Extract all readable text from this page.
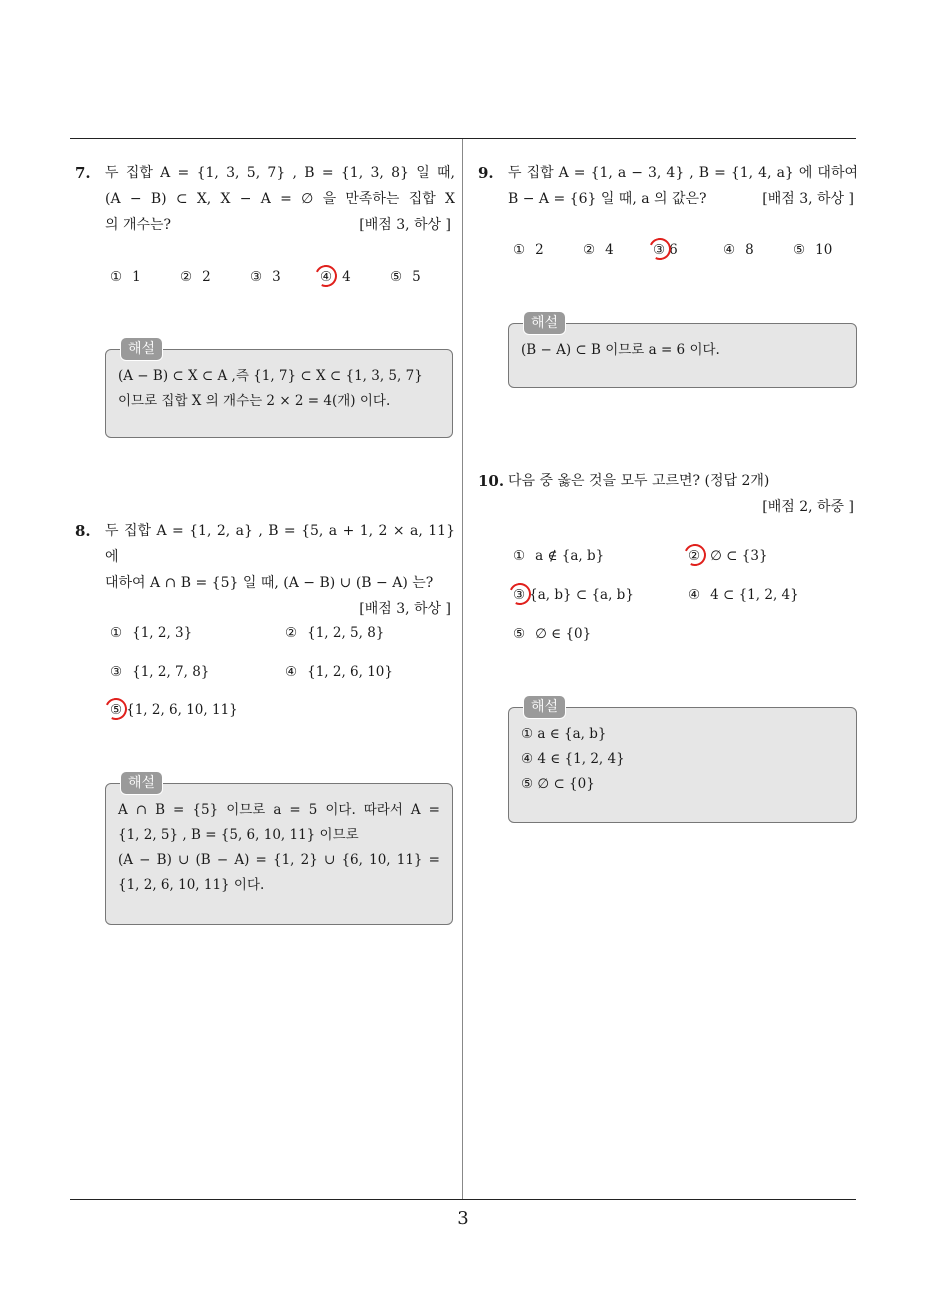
3
7. 두 집합 A = {1, 3, 5, 7} , B = {1, 3, 8} 일 때,
(A − B) ⊂ X, X − A = ∅ 을 만족하는 집합 X
의 개수는?	[배점 3, 하상 ]
① 1	② 2	③ 3	④ 4	⑤ 5
해설
(A − B) ⊂ X ⊂ A ,즉 {1, 7} ⊂ X ⊂ {1, 3, 5, 7}
이므로 집합 X 의 개수는 2 × 2 = 4(개) 이다.
8. 두 집합 A = {1, 2, a} , B = {5, a + 1, 2 × a, 11} 에
대하여 A ∩ B = {5} 일 때, (A − B) ∪ (B − A) 는?
[배점 3, 하상 ]
① {1, 2, 3}	② {1, 2, 5, 8}
③ {1, 2, 7, 8}	④ {1, 2, 6, 10}
⑤ {1, 2, 6, 10, 11}
해설
A ∩ B = {5} 이므로 a = 5 이다. 따라서 A =
{1, 2, 5} , B = {5, 6, 10, 11} 이므로
(A − B) ∪ (B − A) = {1, 2} ∪ {6, 10, 11} =
{1, 2, 6, 10, 11} 이다.
9. 두 집합 A = {1, a − 3, 4} , B = {1, 4, a} 에 대하여
B − A = {6} 일 때, a 의 값은?	[배점 3, 하상 ]
① 2	② 4	③ 6	④ 8	⑤ 10
해설
(B − A) ⊂ B 이므로 a = 6 이다.
10. 다음 중 옳은 것을 모두 고르면? (정답 2개)
[배점 2, 하중 ]
① a ∉ {a, b}	② ∅ ⊂ {3}
③ {a, b} ⊂ {a, b}	④ 4 ⊂ {1, 2, 4}
⑤ ∅ ∈ {0}
해설
① a ∈ {a, b}
④ 4 ∈ {1, 2, 4}
⑤ ∅ ⊂ {0}
